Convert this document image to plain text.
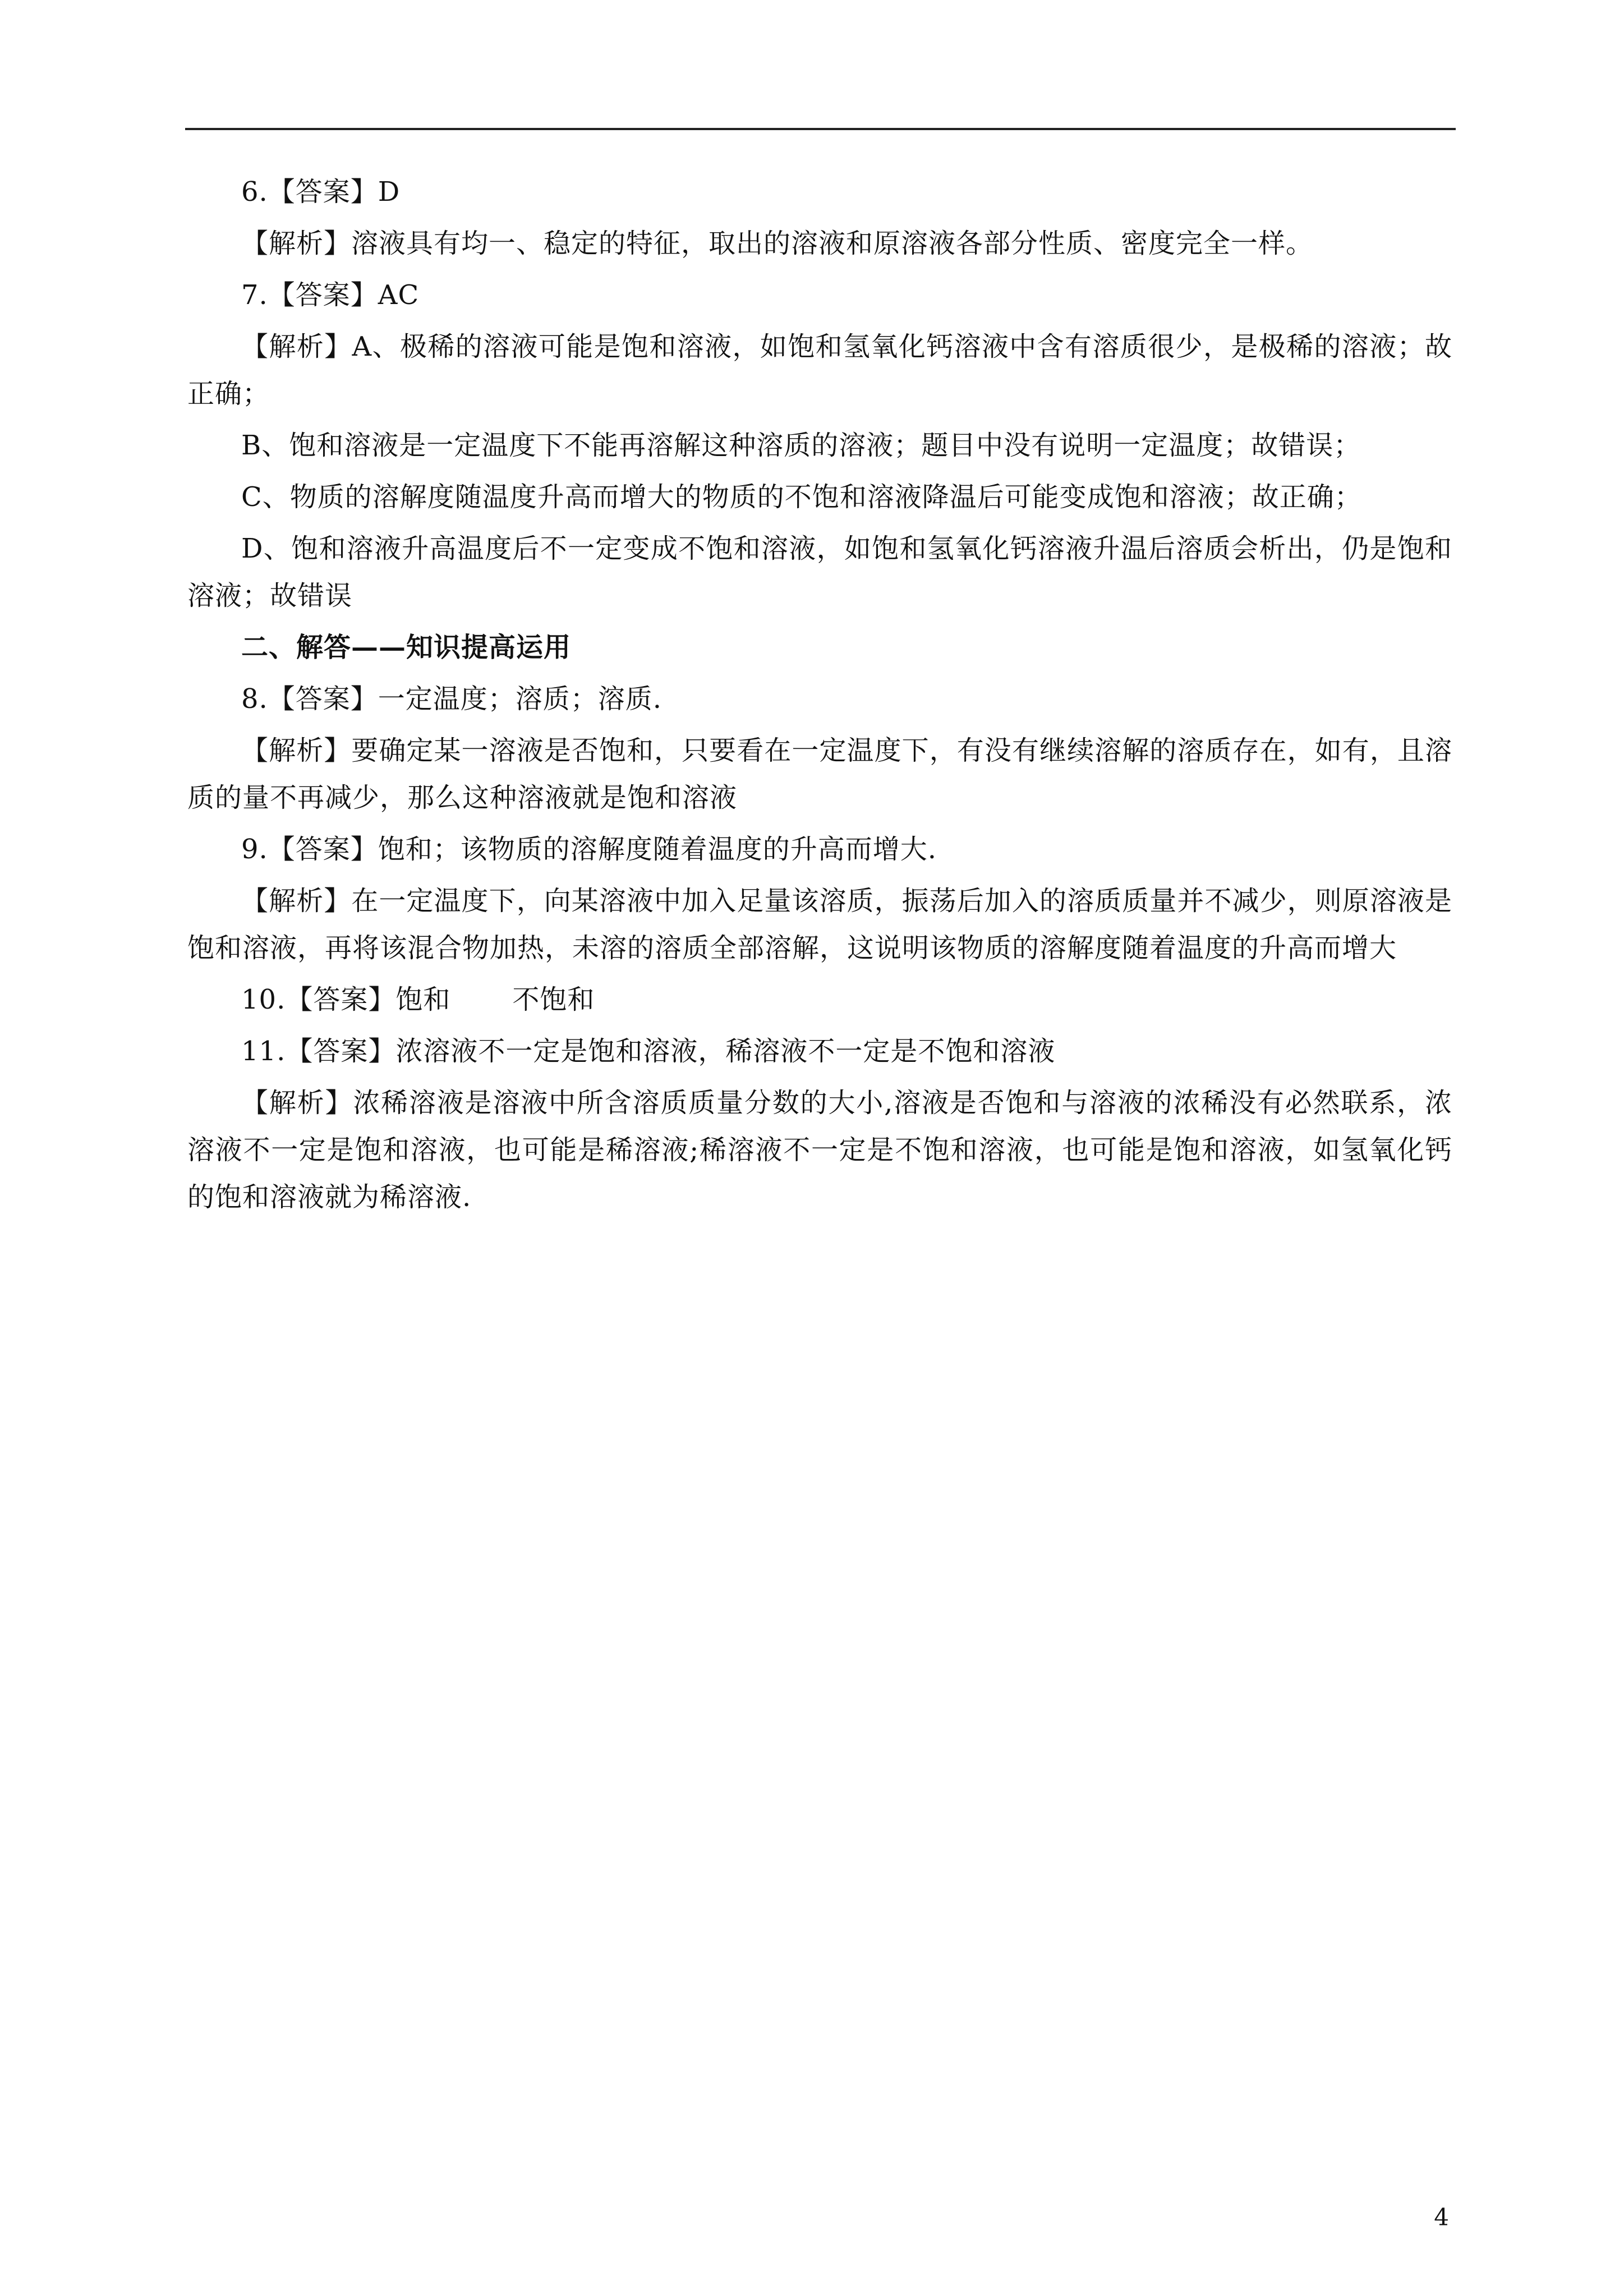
6.【答案】D
【解析】溶液具有均一、稳定的特征，取出的溶液和原溶液各部分性质、密度完全一样。
7.【答案】AC

【解析】A、极稀的溶液可能是饱和溶液，如饱和氢氧化钙溶液中含有溶质很少，是极稀的溶液；故正确；

B、饱和溶液是一定温度下不能再溶解这种溶质的溶液；题目中没有说明一定温度；故错误；
C、物质的溶解度随温度升高而增大的物质的不饱和溶液降温后可能变成饱和溶液；故正确；

D、饱和溶液升高温度后不一定变成不饱和溶液，如饱和氢氧化钙溶液升温后溶质会析出，仍是饱和溶液；故错误

二、解答——知识提高运用
8.【答案】一定温度；溶质；溶质.

【解析】要确定某一溶液是否饱和，只要看在一定温度下，有没有继续溶解的溶质存在，如有，且溶质的量不再减少，那么这种溶液就是饱和溶液

9.【答案】饱和；该物质的溶解度随着温度的升高而增大.

【解析】在一定温度下，向某溶液中加入足量该溶质，振荡后加入的溶质质量并不减少，则原溶液是饱和溶液，再将该混合物加热，未溶的溶质全部溶解，这说明该物质的溶解度随着温度的升高而增大

10.【答案】饱和 不饱和
11.【答案】浓溶液不一定是饱和溶液，稀溶液不一定是不饱和溶液

【解析】浓稀溶液是溶液中所含溶质质量分数的大小,溶液是否饱和与溶液的浓稀没有必然联系，浓溶液不一定是饱和溶液，也可能是稀溶液;稀溶液不一定是不饱和溶液，也可能是饱和溶液，如氢氧化钙的饱和溶液就为稀溶液.

4
